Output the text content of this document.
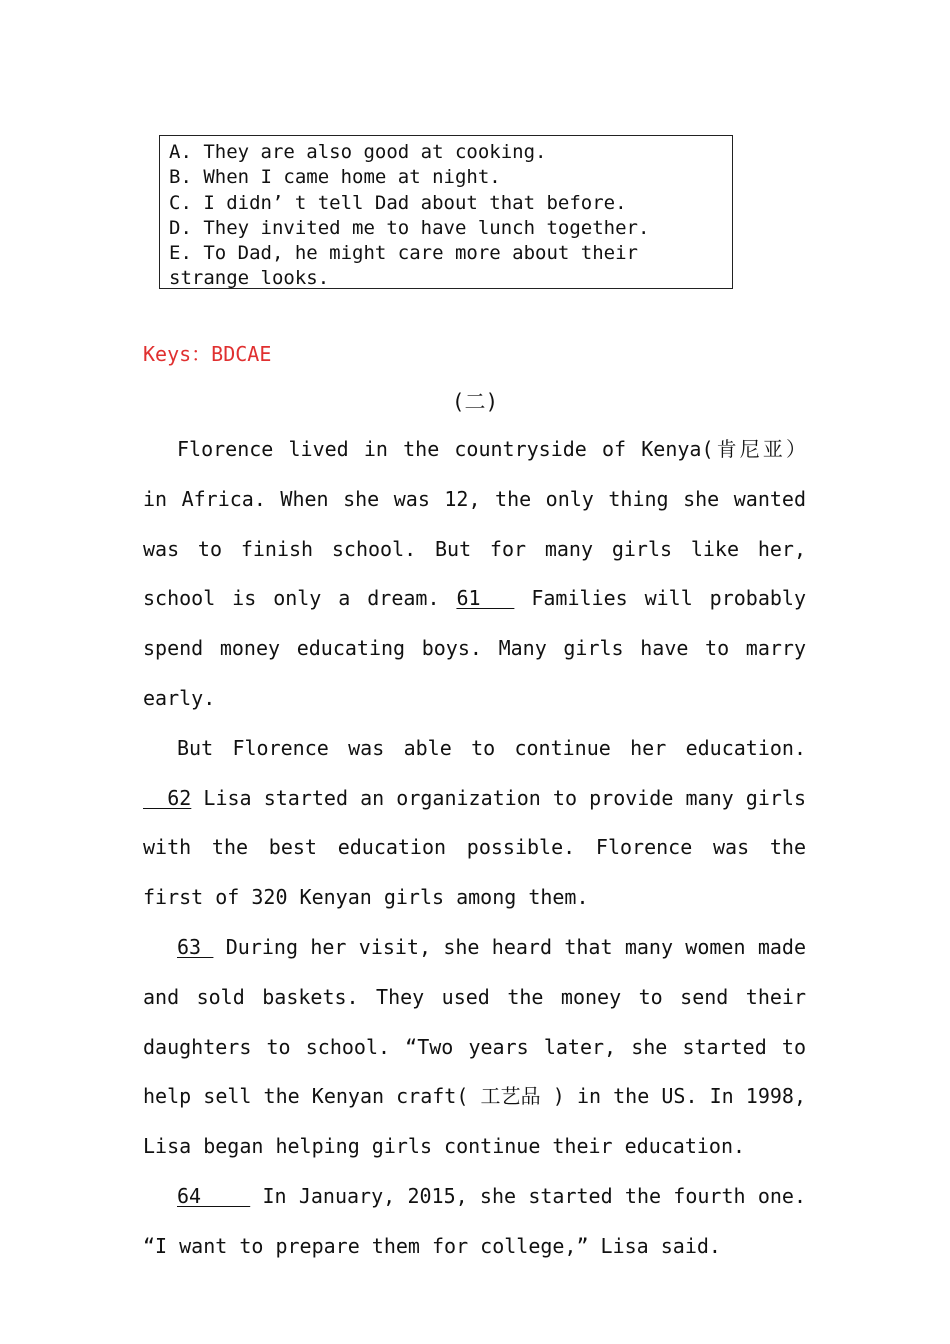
A. They are also good at cooking.
B. When I came home at night.
C. I didn’ t tell Dad about that before.
D. They invited me to have lunch together.
E. To Dad, he might care more about their strange looks.
Keys：BDCAE
(二)

Florence lived in the countryside of Kenya(肯尼亚） in Africa. When she was 12, the only thing she wanted was to finish school. But for many girls like her, school is only a dream. 61   Families will probably spend money educating boys. Many girls have to marry early.

But Florence was able to continue her education.   62 Lisa started an organization to provide many girls with the best education possible. Florence was the first of 320 Kenyan girls among them.

63  During her visit, she heard that many women made and sold baskets. They used the money to send their daughters to school. “Two years later, she started to help sell the Kenyan craft( 工艺品 ) in the US. In 1998, Lisa began helping girls continue their education.

64     In January, 2015, she started the fourth one. “I want to prepare them for college,” Lisa said.
